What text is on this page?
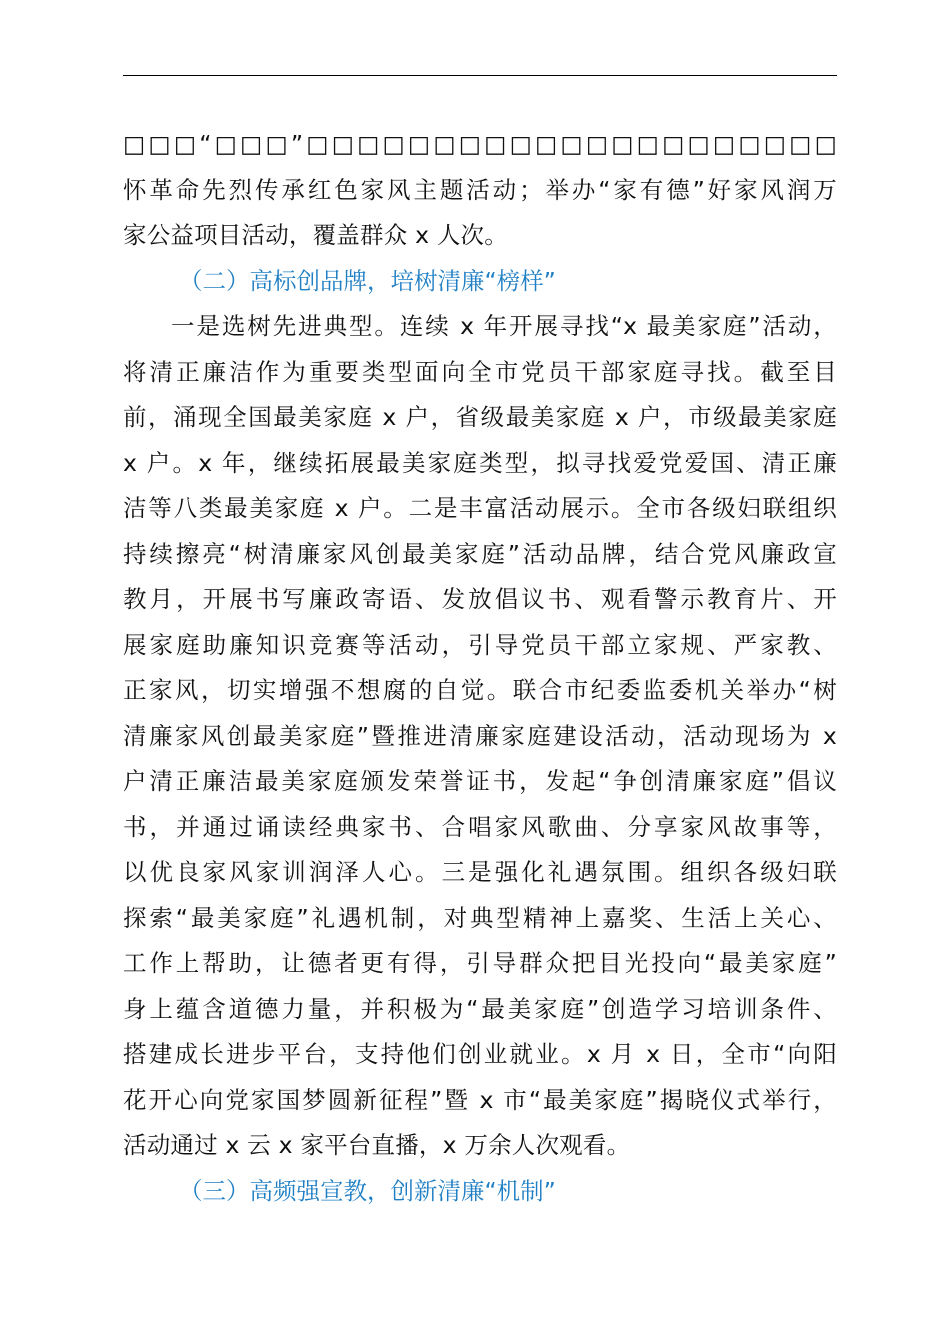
□□□“□□□”□□□□□□□□□□□□□□□□□□□□□
怀革命先烈传承红色家风主题活动；举办“家有德”好家风润万
家公益项目活动，覆盖群众 x 人次。
（二）高标创品牌，培树清廉“榜样”
一是选树先进典型。连续 x 年开展寻找“x 最美家庭”活动，
将清正廉洁作为重要类型面向全市党员干部家庭寻找。截至目
前，涌现全国最美家庭 x 户，省级最美家庭 x 户，市级最美家庭
x 户。x 年，继续拓展最美家庭类型，拟寻找爱党爱国、清正廉
洁等八类最美家庭 x 户。二是丰富活动展示。全市各级妇联组织
持续擦亮“树清廉家风创最美家庭”活动品牌，结合党风廉政宣
教月，开展书写廉政寄语、发放倡议书、观看警示教育片、开
展家庭助廉知识竞赛等活动，引导党员干部立家规、严家教、
正家风，切实增强不想腐的自觉。联合市纪委监委机关举办“树
清廉家风创最美家庭”暨推进清廉家庭建设活动，活动现场为 x
户清正廉洁最美家庭颁发荣誉证书，发起“争创清廉家庭”倡议
书，并通过诵读经典家书、合唱家风歌曲、分享家风故事等，
以优良家风家训润泽人心。三是强化礼遇氛围。组织各级妇联
探索“最美家庭”礼遇机制，对典型精神上嘉奖、生活上关心、
工作上帮助，让德者更有得，引导群众把目光投向“最美家庭”
身上蕴含道德力量，并积极为“最美家庭”创造学习培训条件、
搭建成长进步平台，支持他们创业就业。x 月 x 日，全市“向阳
花开心向党家国梦圆新征程”暨 x 市“最美家庭”揭晓仪式举行，
活动通过 x 云 x 家平台直播，x 万余人次观看。
（三）高频强宣教，创新清廉“机制”
